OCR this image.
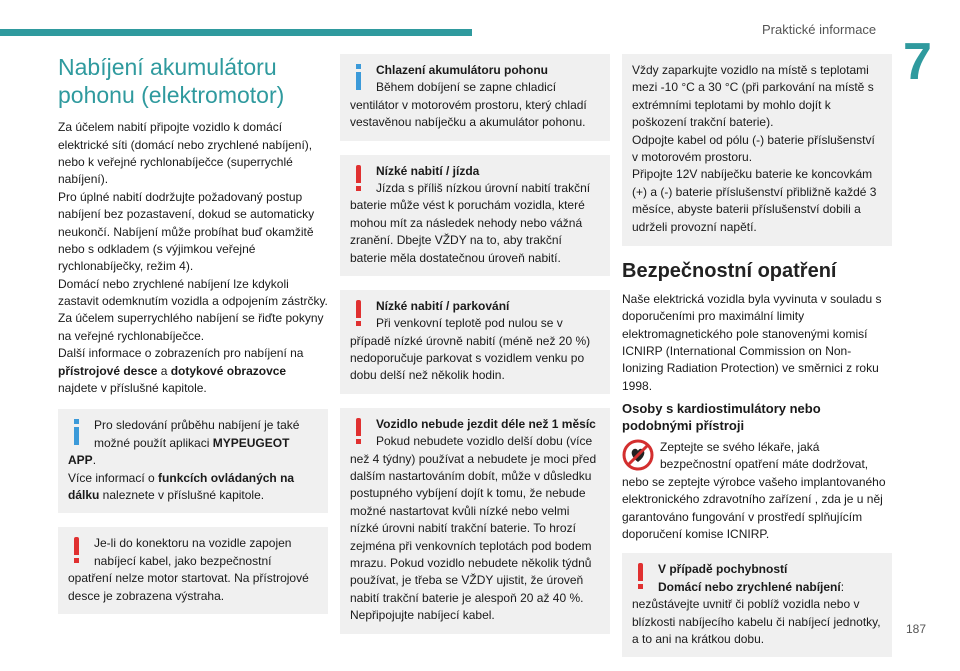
Praktické informace
7
Nabíjení akumulátoru pohonu (elektromotor)

Za účelem nabití připojte vozidlo k domácí elektrické síti (domácí nebo zrychlené nabíjení), nebo k veřejné rychlonabíječce (superrychlé nabíjení).

Pro úplné nabití dodržujte požadovaný postup nabíjení bez pozastavení, dokud se automaticky neukončí. Nabíjení může probíhat buď okamžitě nebo s odkladem (s výjimkou veřejné rychlonabíječky, režim 4).

Domácí nebo zrychlené nabíjení lze kdykoli zastavit odemknutím vozidla a odpojením zástrčky. Za účelem superrychlého nabíjení se řiďte pokyny na veřejné rychlonabíječce.

Další informace o zobrazeních pro nabíjení na přístrojové desce a dotykové obrazovce najdete v příslušné kapitole.

Pro sledování průběhu nabíjení je také možné použít aplikaci MYPEUGEOT APP.
Více informací o funkcích ovládaných na dálku naleznete v příslušné kapitole.

Je-li do konektoru na vozidle zapojen nabíjecí kabel, jako bezpečnostní opatření nelze motor startovat. Na přístrojové desce je zobrazena výstraha.

Chlazení akumulátoru pohonu

Během dobíjení se zapne chladicí ventilátor v motorovém prostoru, který chladí vestavěnou nabíječku a akumulátor pohonu.

Nízké nabití / jízda

Jízda s příliš nízkou úrovní nabití trakční baterie může vést k poruchám vozidla, které mohou mít za následek nehody nebo vážná zranění. Dbejte VŽDY na to, aby trakční baterie měla dostatečnou úroveň nabití.

Nízké nabití / parkování

Při venkovní teplotě pod nulou se v případě nízké úrovně nabití (méně než 20 %) nedoporučuje parkovat s vozidlem venku po dobu delší než několik hodin.

Vozidlo nebude jezdit déle než 1 měsíc

Pokud nebudete vozidlo delší dobu (více než 4 týdny) používat a nebudete je moci před dalším nastartováním dobít, může v důsledku postupného vybíjení dojít k tomu, že nebude možné nastartovat kvůli nízké nebo velmi nízké úrovni nabití trakční baterie. To hrozí zejména při venkovních teplotách pod bodem mrazu. Pokud vozidlo nebudete několik týdnů používat, je třeba se VŽDY ujistit, že úroveň nabití trakční baterie je alespoň 20 až 40 %.

Nepřipojujte nabíjecí kabel.

Vždy zaparkujte vozidlo na místě s teplotami mezi -10 °C a 30 °C (při parkování na místě s extrémními teplotami by mohlo dojít k poškození trakční baterie).

Odpojte kabel od pólu (-) baterie příslušenství v motorovém prostoru.

Připojte 12V nabíječku baterie ke koncovkám (+) a (-) baterie příslušenství přibližně každé 3 měsíce, abyste baterii příslušenství dobili a udrželi provozní napětí.

Bezpečnostní opatření

Naše elektrická vozidla byla vyvinuta v souladu s doporučeními pro maximální limity elektromagnetického pole stanovenými komisí ICNIRP (International Commission on Non-Ionizing Radiation Protection) ve směrnici z roku 1998.

Osoby s kardiostimulátory nebo podobnými přístroji

Zeptejte se svého lékaře, jaká bezpečnostní opatření máte dodržovat, nebo se zeptejte výrobce vašeho implantovaného elektronického zdravotního zařízení , zda je u něj garantováno fungování v prostředí splňujícím doporučení komise ICNIRP.

V případě pochybností

Domácí nebo zrychlené nabíjení:

nezůstávejte uvnitř či poblíž vozidla nebo v blízkosti nabíjecího kabelu či nabíjecí jednotky, a to ani na krátkou dobu.

187
